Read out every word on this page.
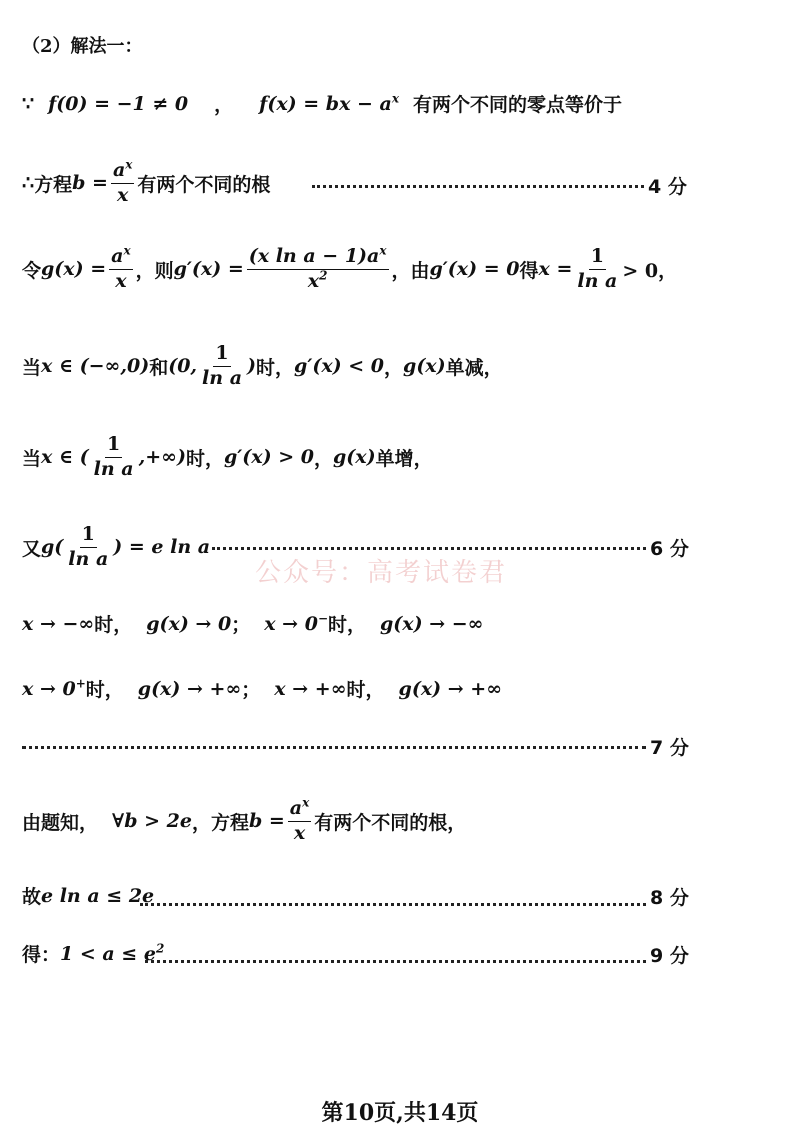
（2）解法一：
∵ f(0) = −1 ≠ 0 ， f(x) = bx − $a^x$ 有两个不同的零点等价于
∴ 方程 $b = \frac{a^x}{x}$ 有两个不同的根	4 分
令 $g(x) = \frac{a^x}{x}$ ，则 $g'(x) = \frac{(x \ln a - 1)a^x}{x^2}$ ，由 g′(x) = 0 得 $x = \frac{1}{\text{ln a}} > 0$，
当 x ∈ (−∞,0) 和 (0, $\frac{1}{\text{ln a}}$ ) 时， g′(x) < 0 ， g(x) 单减，
当 x ∈ ( $\frac{1}{\text{ln a}}$ ,+∞) 时， g′(x) > 0 ， g(x) 单增，
又 $g( \frac{1}{\text{ln a}}$ ) = e ln a	6 分
公众号：高考试卷君
x → −∞ 时， g(x) → 0 ； x → 0− 时， g(x) → −∞
x → 0+ 时， g(x) → +∞ ； x → +∞ 时， g(x) → +∞
7 分
由题知， ∀b > 2e ，方程 $b = \frac{a^x}{x}$ 有两个不同的根，
故 e ln a ≤ 2e	8 分
得： $1 < a \le e^2$	9 分
第10页,共14页
